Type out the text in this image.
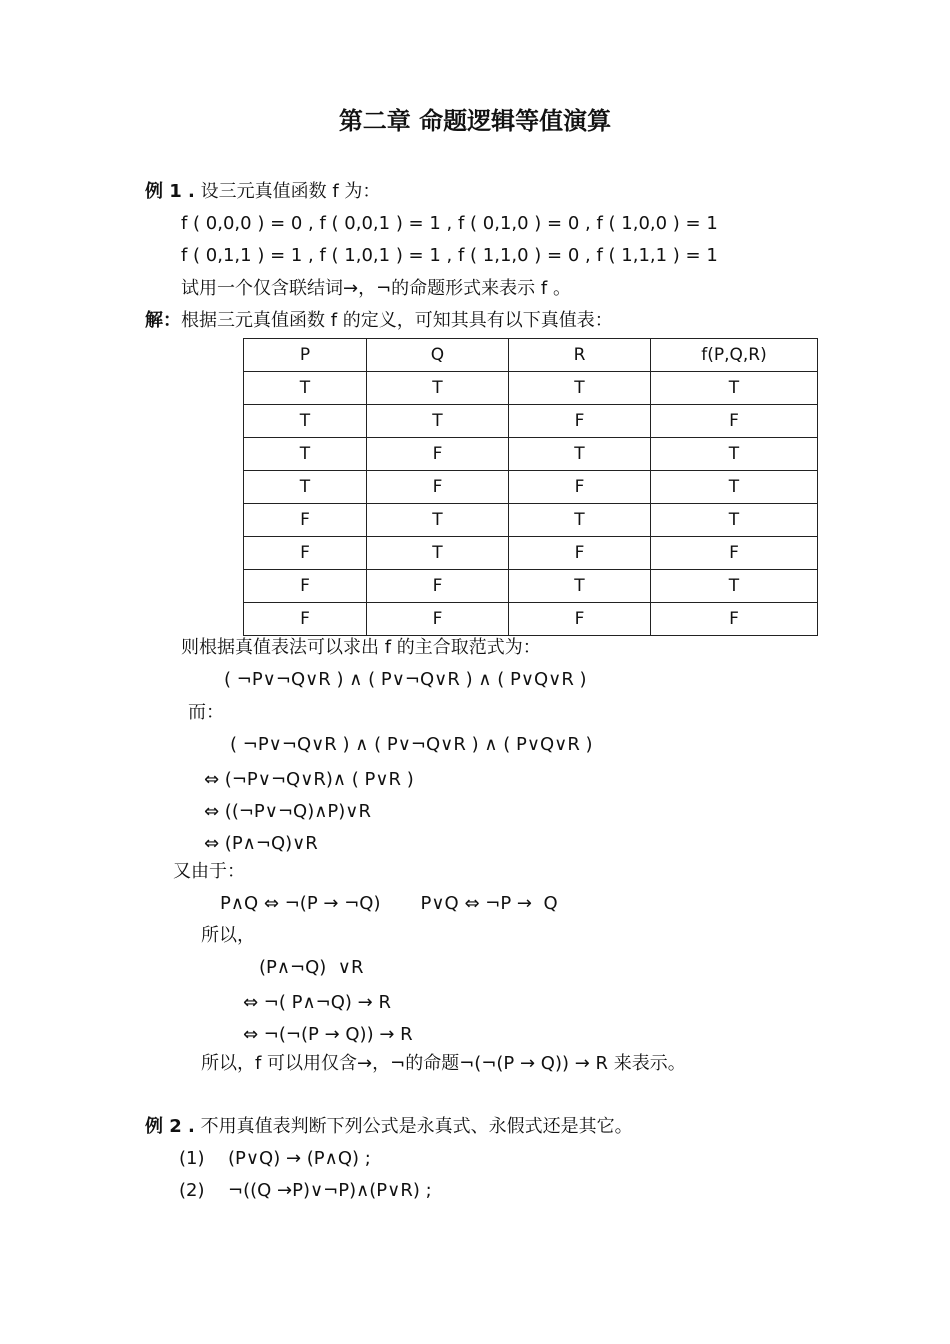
第二章 命题逻辑等值演算
例 1 . 设三元真值函数 f 为：
f ( 0,0,0 ) = 0 , f ( 0,0,1 ) = 1 , f ( 0,1,0 ) = 0 , f ( 1,0,0 ) = 1
f ( 0,1,1 ) = 1 , f ( 1,0,1 ) = 1 , f ( 1,1,0 ) = 0 , f ( 1,1,1 ) = 1
试用一个仅含联结词→，¬的命题形式来表示 f 。
解：根据三元真值函数 f 的定义，可知其具有以下真值表：
P	Q	R	f(P,Q,R)
T	T	T	T
T	T	F	F
T	F	T	T
T	F	F	T
F	T	T	T
F	T	F	F
F	F	T	T
F	F	F	F
则根据真值表法可以求出 f 的主合取范式为：
( ¬P∨¬Q∨R ) ∧ ( P∨¬Q∨R ) ∧ ( P∨Q∨R )
而：
( ¬P∨¬Q∨R ) ∧ ( P∨¬Q∨R ) ∧ ( P∨Q∨R )
⇔ (¬P∨¬Q∨R)∧ ( P∨R )
⇔ ((¬P∨¬Q)∧P)∨R
⇔ (P∧¬Q)∨R
又由于：
P∧Q ⇔ ¬(P → ¬Q)       P∨Q ⇔ ¬P →  Q
所以，
(P∧¬Q)  ∨R
⇔ ¬( P∧¬Q) → R
⇔ ¬(¬(P → Q)) → R
所以，f 可以用仅含→，¬的命题¬(¬(P → Q)) → R 来表示。
例 2 . 不用真值表判断下列公式是永真式、永假式还是其它。
(1) (P∨Q) → (P∧Q) ;
(2) ¬((Q →P)∨¬P)∧(P∨R) ;
